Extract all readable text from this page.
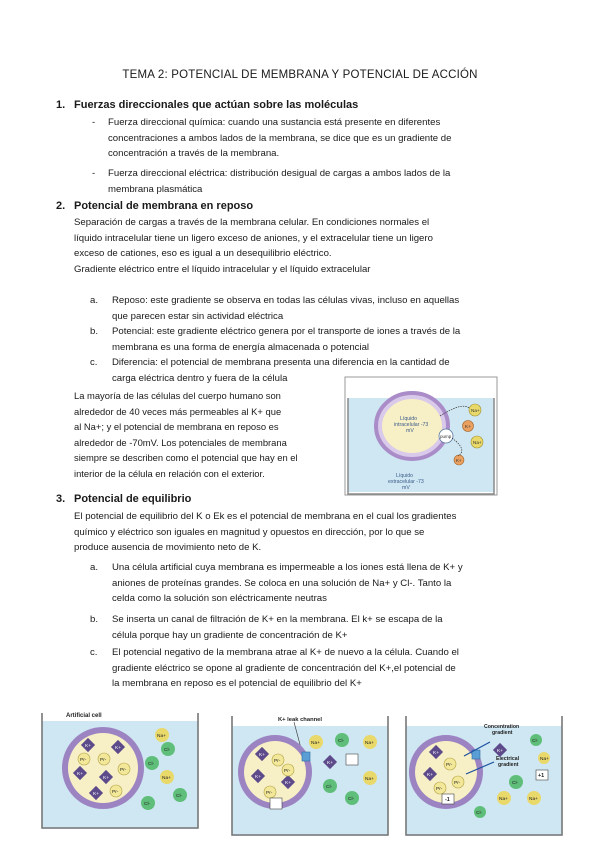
TEMA 2: POTENCIAL DE MEMBRANA Y POTENCIAL DE ACCIÓN
1. Fuerzas direccionales que actúan sobre las moléculas
-	Fuerza direccional química: cuando una sustancia está presente en diferentes
concentraciones a ambos lados de la membrana, se dice que es un gradiente de
concentración a través de la membrana.
-	Fuerza direccional eléctrica: distribución desigual de cargas a ambos lados de la
membrana plasmática
2. Potencial de membrana en reposo
Separación de cargas a través de la membrana celular. En condiciones normales el
líquido intracelular tiene un ligero exceso de aniones, y el extracelular tiene un ligero
exceso de cationes, eso es igual a un desequilibrio eléctrico.
Gradiente eléctrico entre el líquido intracelular y el líquido extracelular
a. Reposo: este gradiente se observa en todas las células vivas, incluso en aquellas
que parecen estar sin actividad eléctrica
b. Potencial: este gradiente eléctrico genera por el transporte de iones a través de la
membrana es una forma de energía almacenada o potencial
c. Diferencia: el potencial de membrana presenta una diferencia en la cantidad de
carga eléctrica dentro y fuera de la célula
La mayoría de las células del cuerpo humano son
alrededor de 40 veces más permeables al K+ que
al Na+; y el potencial de membrana en reposo es
alrededor de -70mV. Los potenciales de membrana
siempre se describen como el potencial que hay en el
interior de la célula en relación con el exterior.
Líquido
intracelular -73
mV
pump
Na+
Na+
K+
K+
Líquido
extracelular -73
mV
3. Potencial de equilibrio
El potencial de equilibrio del K o Ek es el potencial de membrana en el cual los gradientes
químico y eléctrico son iguales en magnitud y opuestos en dirección, por lo que se
produce ausencia de movimiento neto de K.
a. Una célula artificial cuya membrana es impermeable a los iones está llena de K+ y
aniones de proteínas grandes. Se coloca en una solución de Na+ y Cl-. Tanto la
celda como la solución son eléctricamente neutras
b. Se inserta un canal de filtración de K+ en la membrana. El k+ se escapa de la
célula porque hay un gradiente de concentración de K+
c. El potencial negativo de la membrana atrae al K+ de nuevo a la célula. Cuando el
gradiente eléctrico se opone al gradiente de concentración del K+,el potencial de
la membrana en reposo es el potencial de equilibrio del K+
Artificial cell
K+	K+
K+
K+
K+
Pr-
Pr-
Pr-
Pr-
Na+
Na+
Cl-
Cl-
Cl-
Cl-
K+ leak channel
K+
K+
K+
K+
Pr-
Pr-
Pr-
Na+	Na+
Na+
Cl-
Cl-
Cl-
Concentration
gradient
Electrical
gradient
K+
K+
K+
Pr-
Pr-
Pr-
-1
+1
Cl-
Na+
Cl-
Na+	Na+
Cl-
